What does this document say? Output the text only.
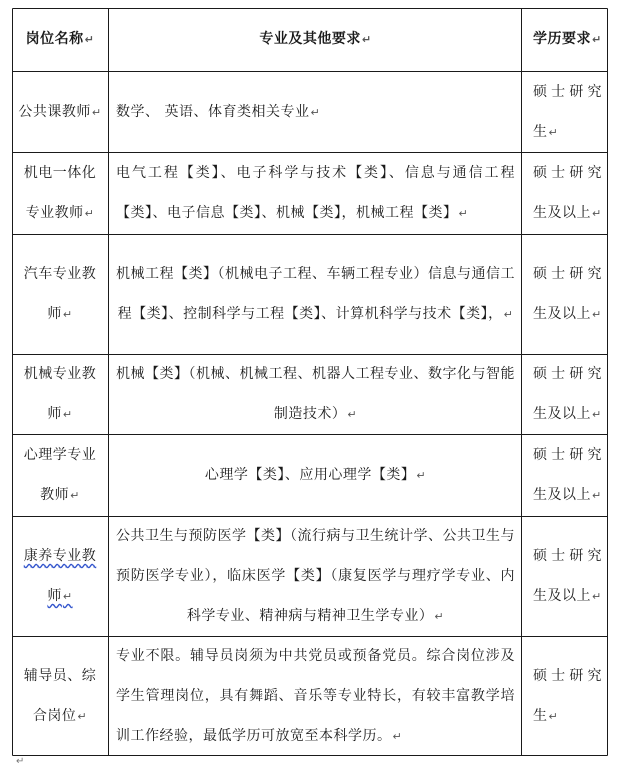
岗位名称↵	专业及其他要求↵	学历要求↵
公共课教师↵ 数学、 英语、体育类相关专业↵
硕士研究生↵
机电一体化专业教师↵
电气工程【类】、电子科学与技术【类】、信息与通信工程【类】、电子信息【类】、机械【类】，机械工程【类】↵
硕士研究生及以上↵
汽车专业教师↵
机械工程【类】（机械电子工程、车辆工程专业）信息与通信工程【类】、控制科学与工程【类】、计算机科学与技术【类】，↵
硕士研究生及以上↵
机械专业教师↵
机械【类】（机械、机械工程、机器人工程专业、数字化与智能制造技术）↵
硕士研究生及以上↵
心理学专业教师↵
心理学【类】、应用心理学【类】↵
硕士研究生及以上↵
康养专业教师↵
公共卫生与预防医学【类】（流行病与卫生统计学、公共卫生与预防医学专业），临床医学【类】（康复医学与理疗学专业、内科学专业、精神病与精神卫生学专业）↵
硕士研究生及以上↵
辅导员、综合岗位↵
专业不限。辅导员岗须为中共党员或预备党员。综合岗位涉及学生管理岗位，具有舞蹈、音乐等专业特长，有较丰富教学培训工作经验，最低学历可放宽至本科学历。↵
硕士研究生↵
↵
